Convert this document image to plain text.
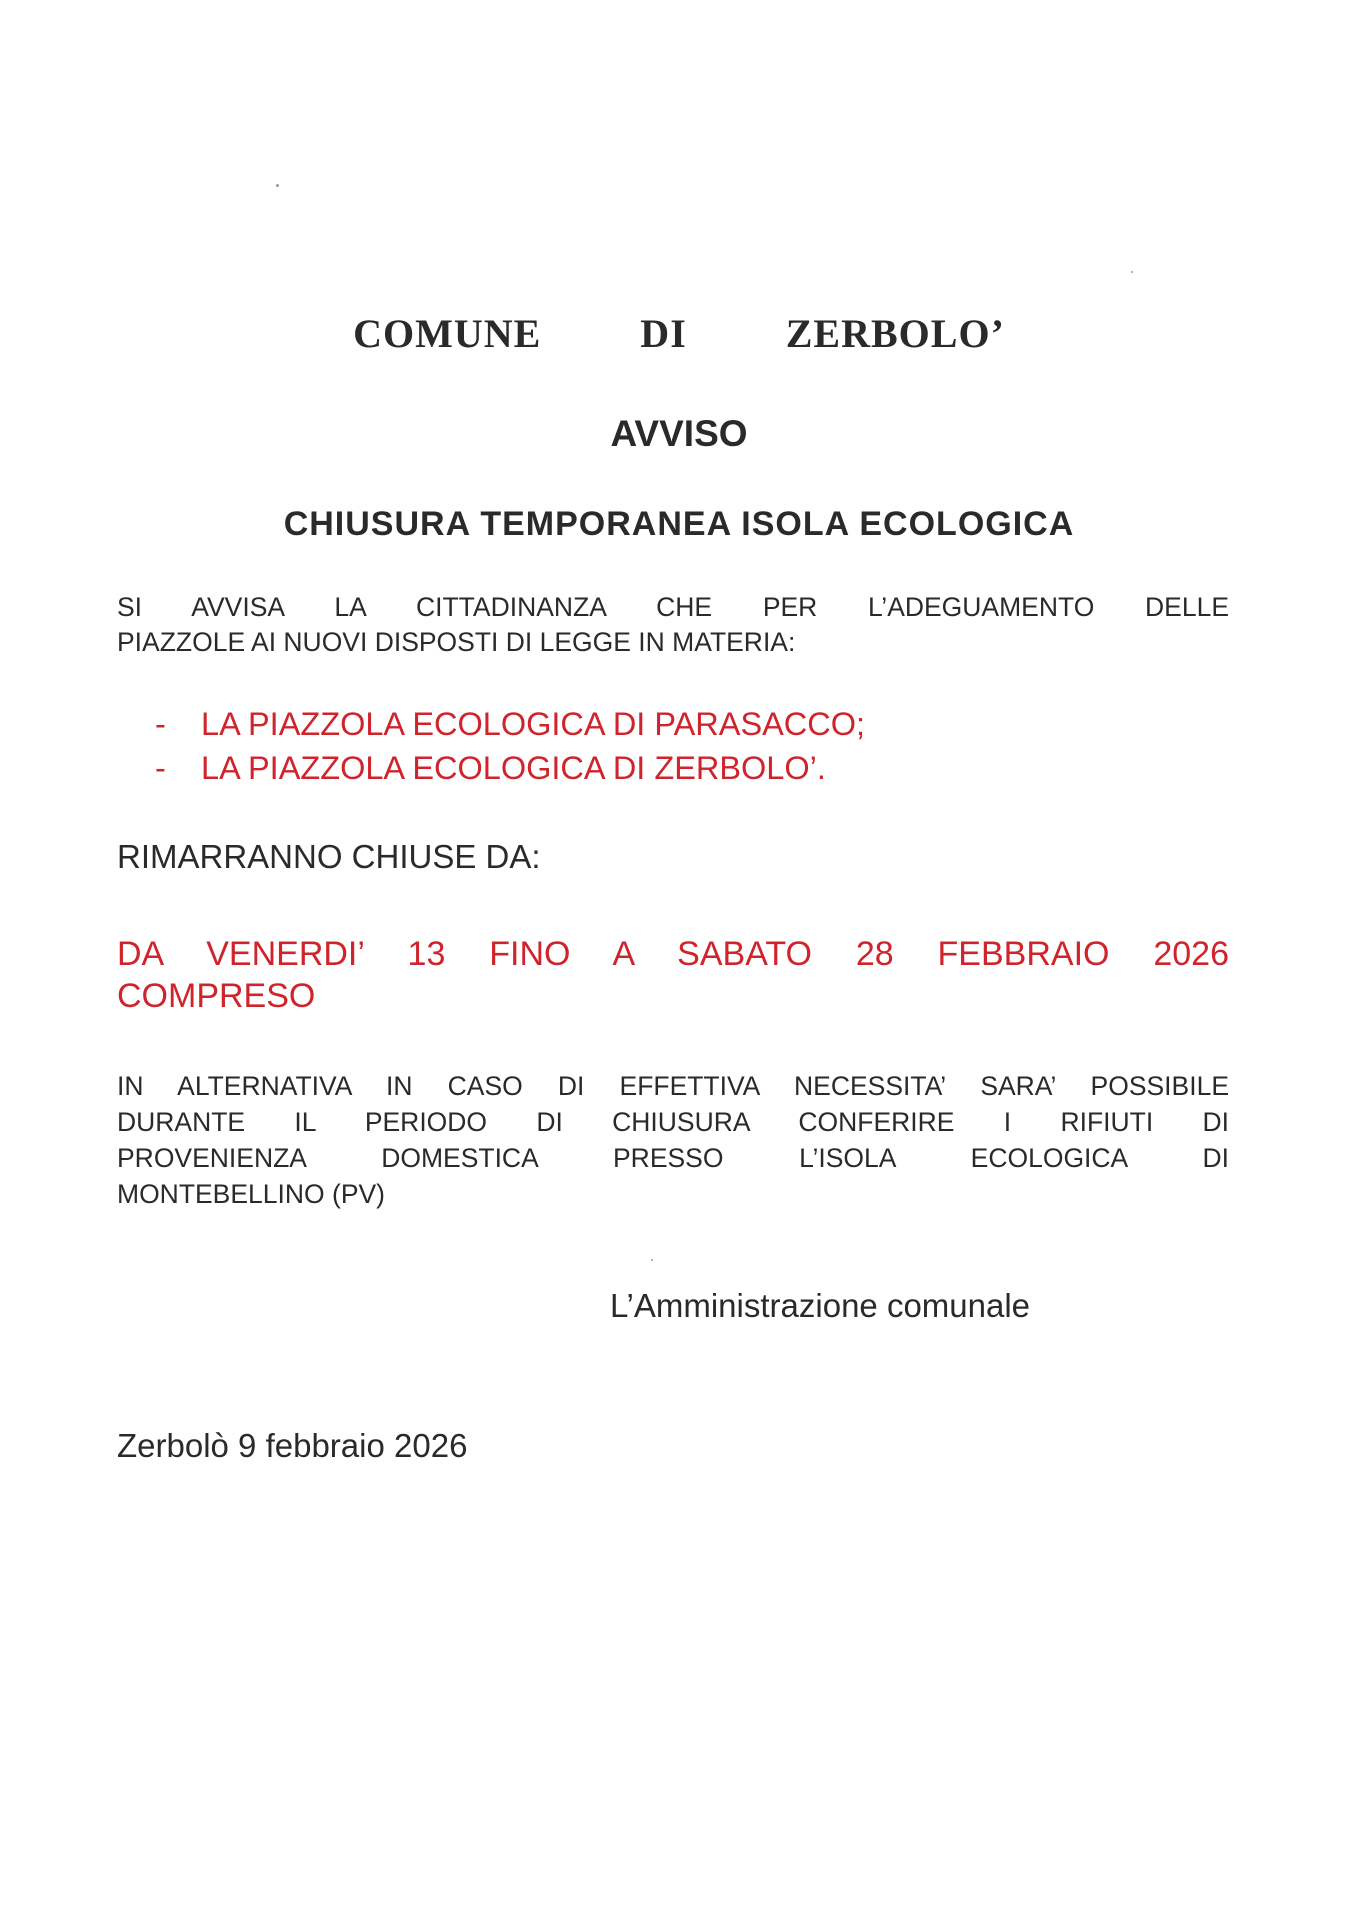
COMUNE   DI   ZERBOLO’
AVVISO
CHIUSURA TEMPORANEA ISOLA ECOLOGICA
SI AVVISA LA CITTADINANZA CHE PER L’ADEGUAMENTO DELLE
PIAZZOLE AI NUOVI DISPOSTI DI LEGGE IN MATERIA:
- LA PIAZZOLA ECOLOGICA DI PARASACCO;
- LA PIAZZOLA ECOLOGICA DI ZERBOLO’.
RIMARRANNO CHIUSE DA:
DA VENERDI’ 13 FINO A SABATO 28 FEBBRAIO 2026
COMPRESO
IN ALTERNATIVA IN CASO DI EFFETTIVA NECESSITA’ SARA’ POSSIBILE
DURANTE IL PERIODO DI CHIUSURA CONFERIRE I RIFIUTI DI
PROVENIENZA DOMESTICA PRESSO L’ISOLA ECOLOGICA DI
MONTEBELLINO (PV)
L’Amministrazione comunale
Zerbolò 9 febbraio 2026
